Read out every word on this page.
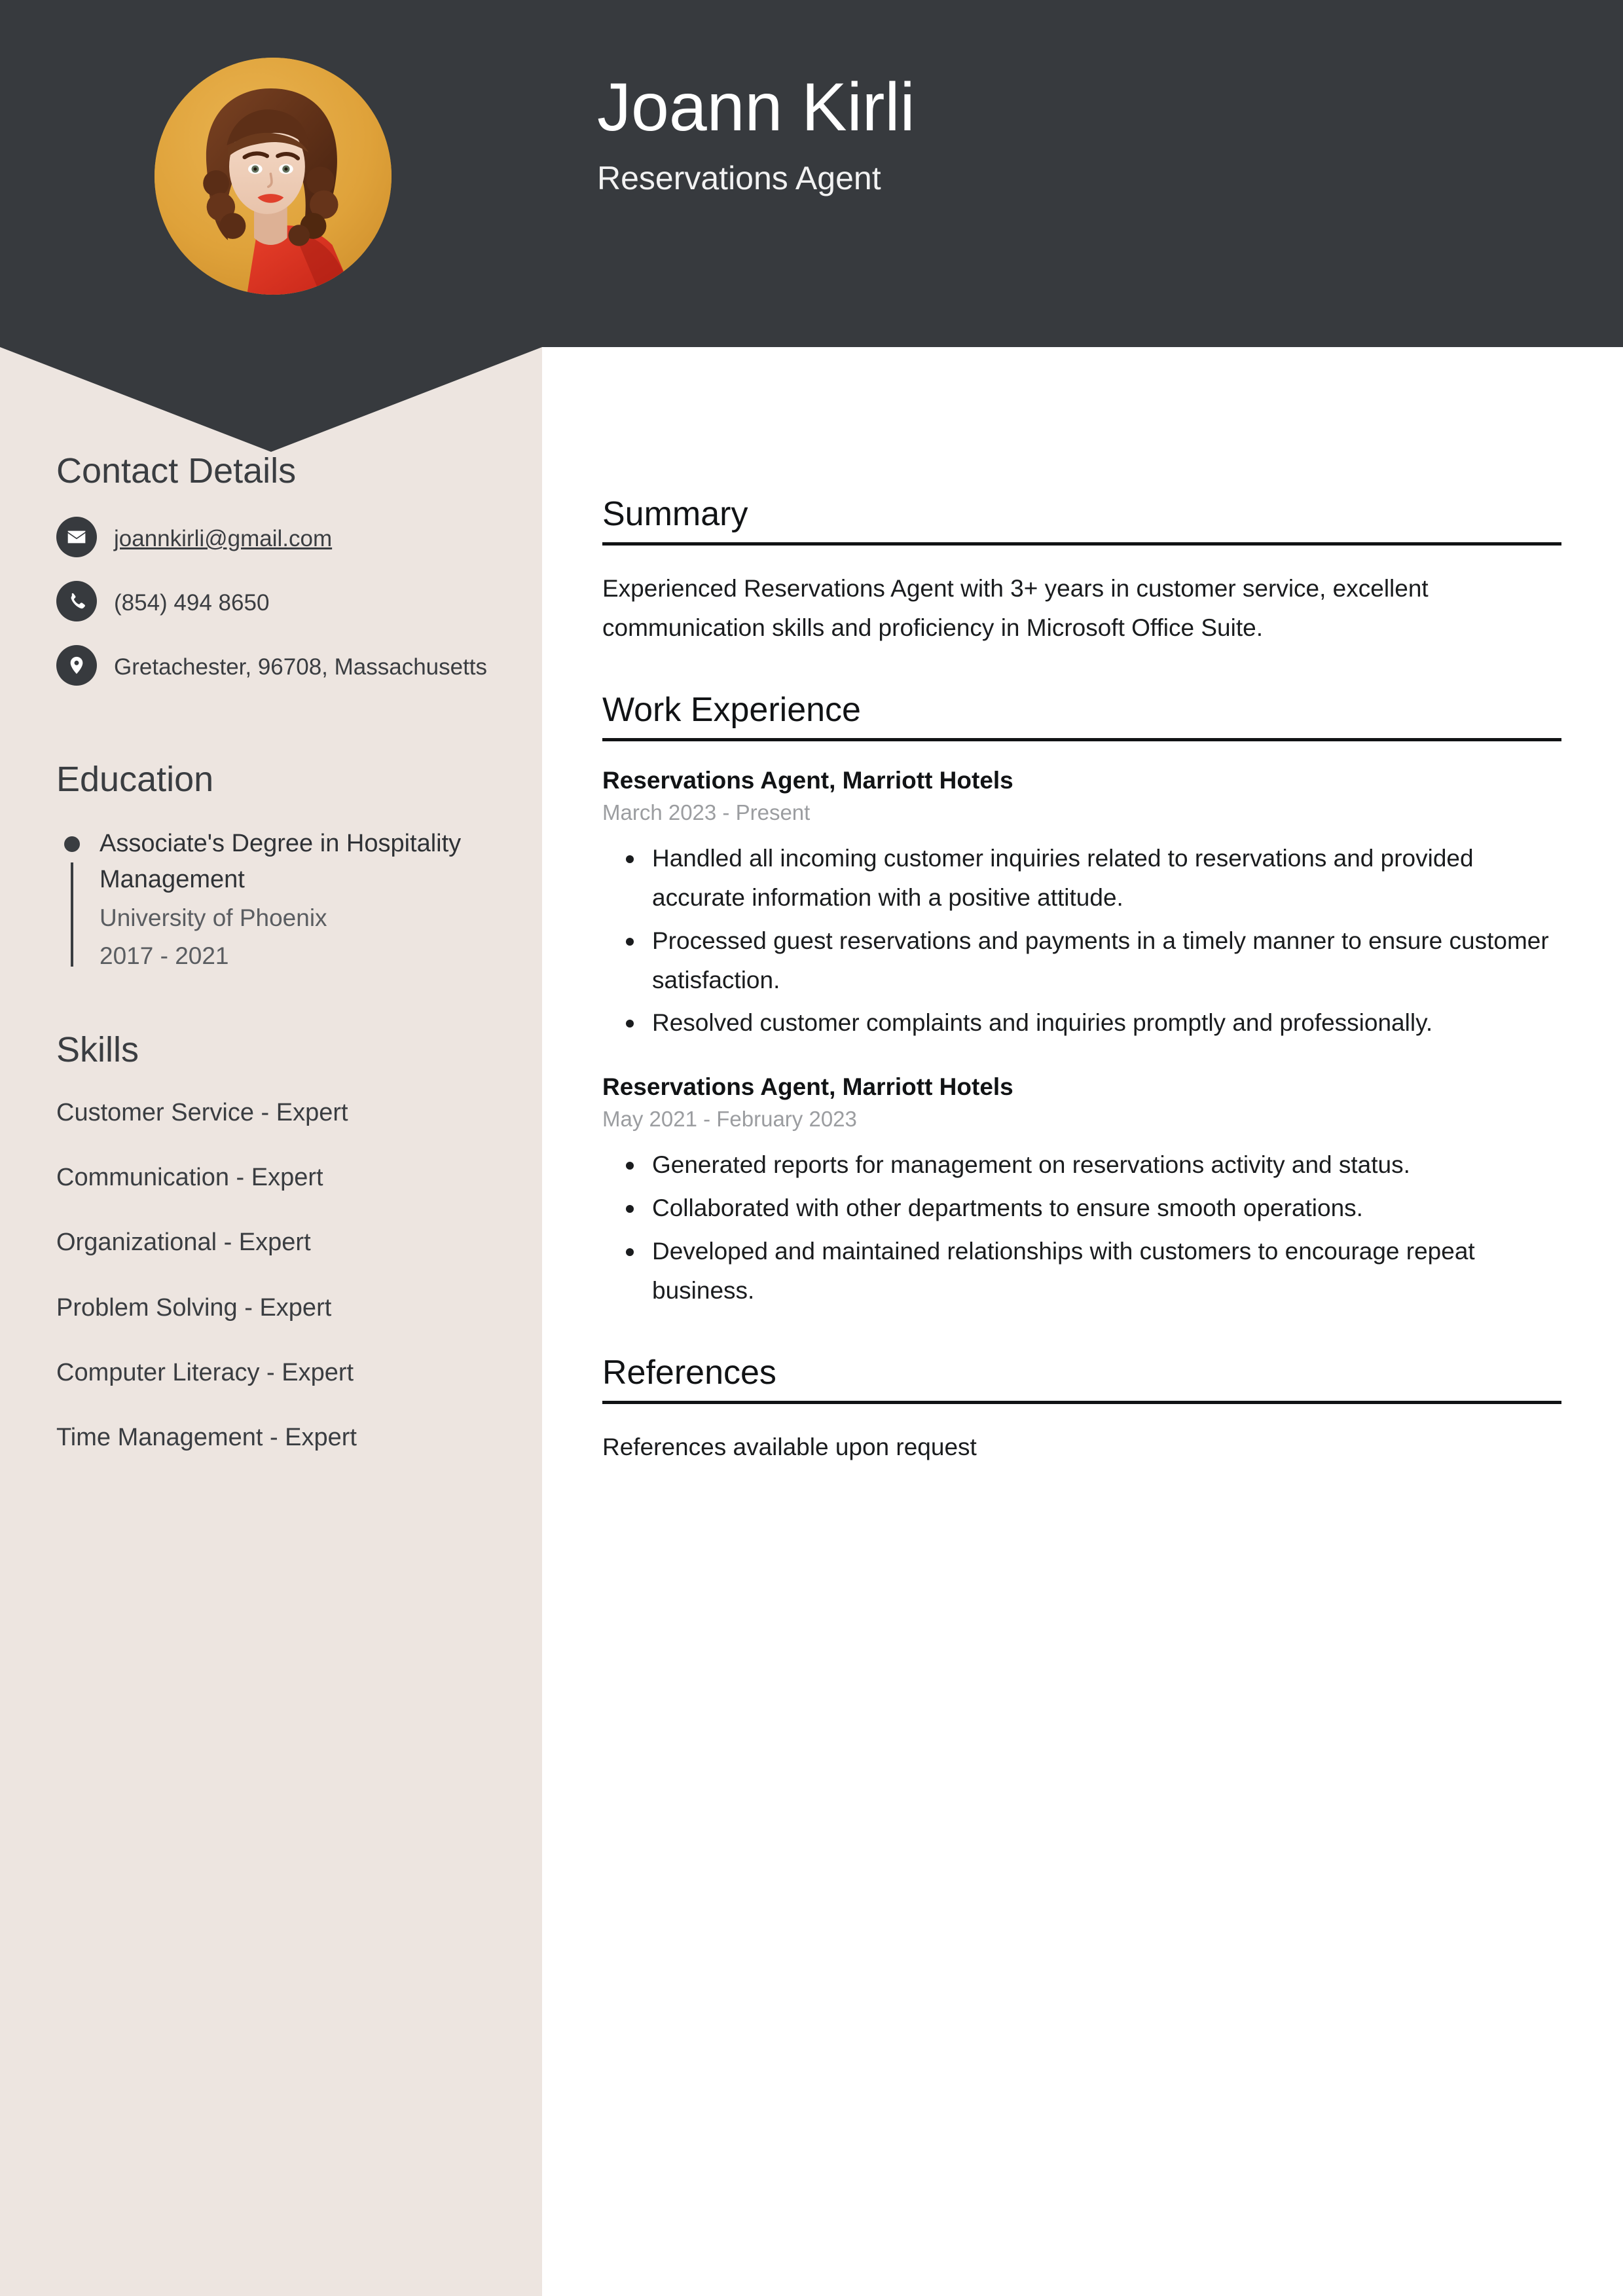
Joann Kirli
Reservations Agent
Contact Details
joannkirli@gmail.com
(854) 494 8650
Gretachester, 96708, Massachusetts
Education

Associate's Degree in Hospitality Management

University of Phoenix

2017 - 2021

Skills
Customer Service - Expert
Communication - Expert
Organizational - Expert
Problem Solving - Expert
Computer Literacy - Expert
Time Management - Expert
Summary

Experienced Reservations Agent with 3+ years in customer service, excellent communication skills and proficiency in Microsoft Office Suite.

Work Experience

Reservations Agent, Marriott Hotels

March 2023 - Present

Handled all incoming customer inquiries related to reservations and provided accurate information with a positive attitude.
Processed guest reservations and payments in a timely manner to ensure customer satisfaction.
Resolved customer complaints and inquiries promptly and professionally.

Reservations Agent, Marriott Hotels

May 2021 - February 2023

Generated reports for management on reservations activity and status.
Collaborated with other departments to ensure smooth operations.
Developed and maintained relationships with customers to encourage repeat business.
References

References available upon request
